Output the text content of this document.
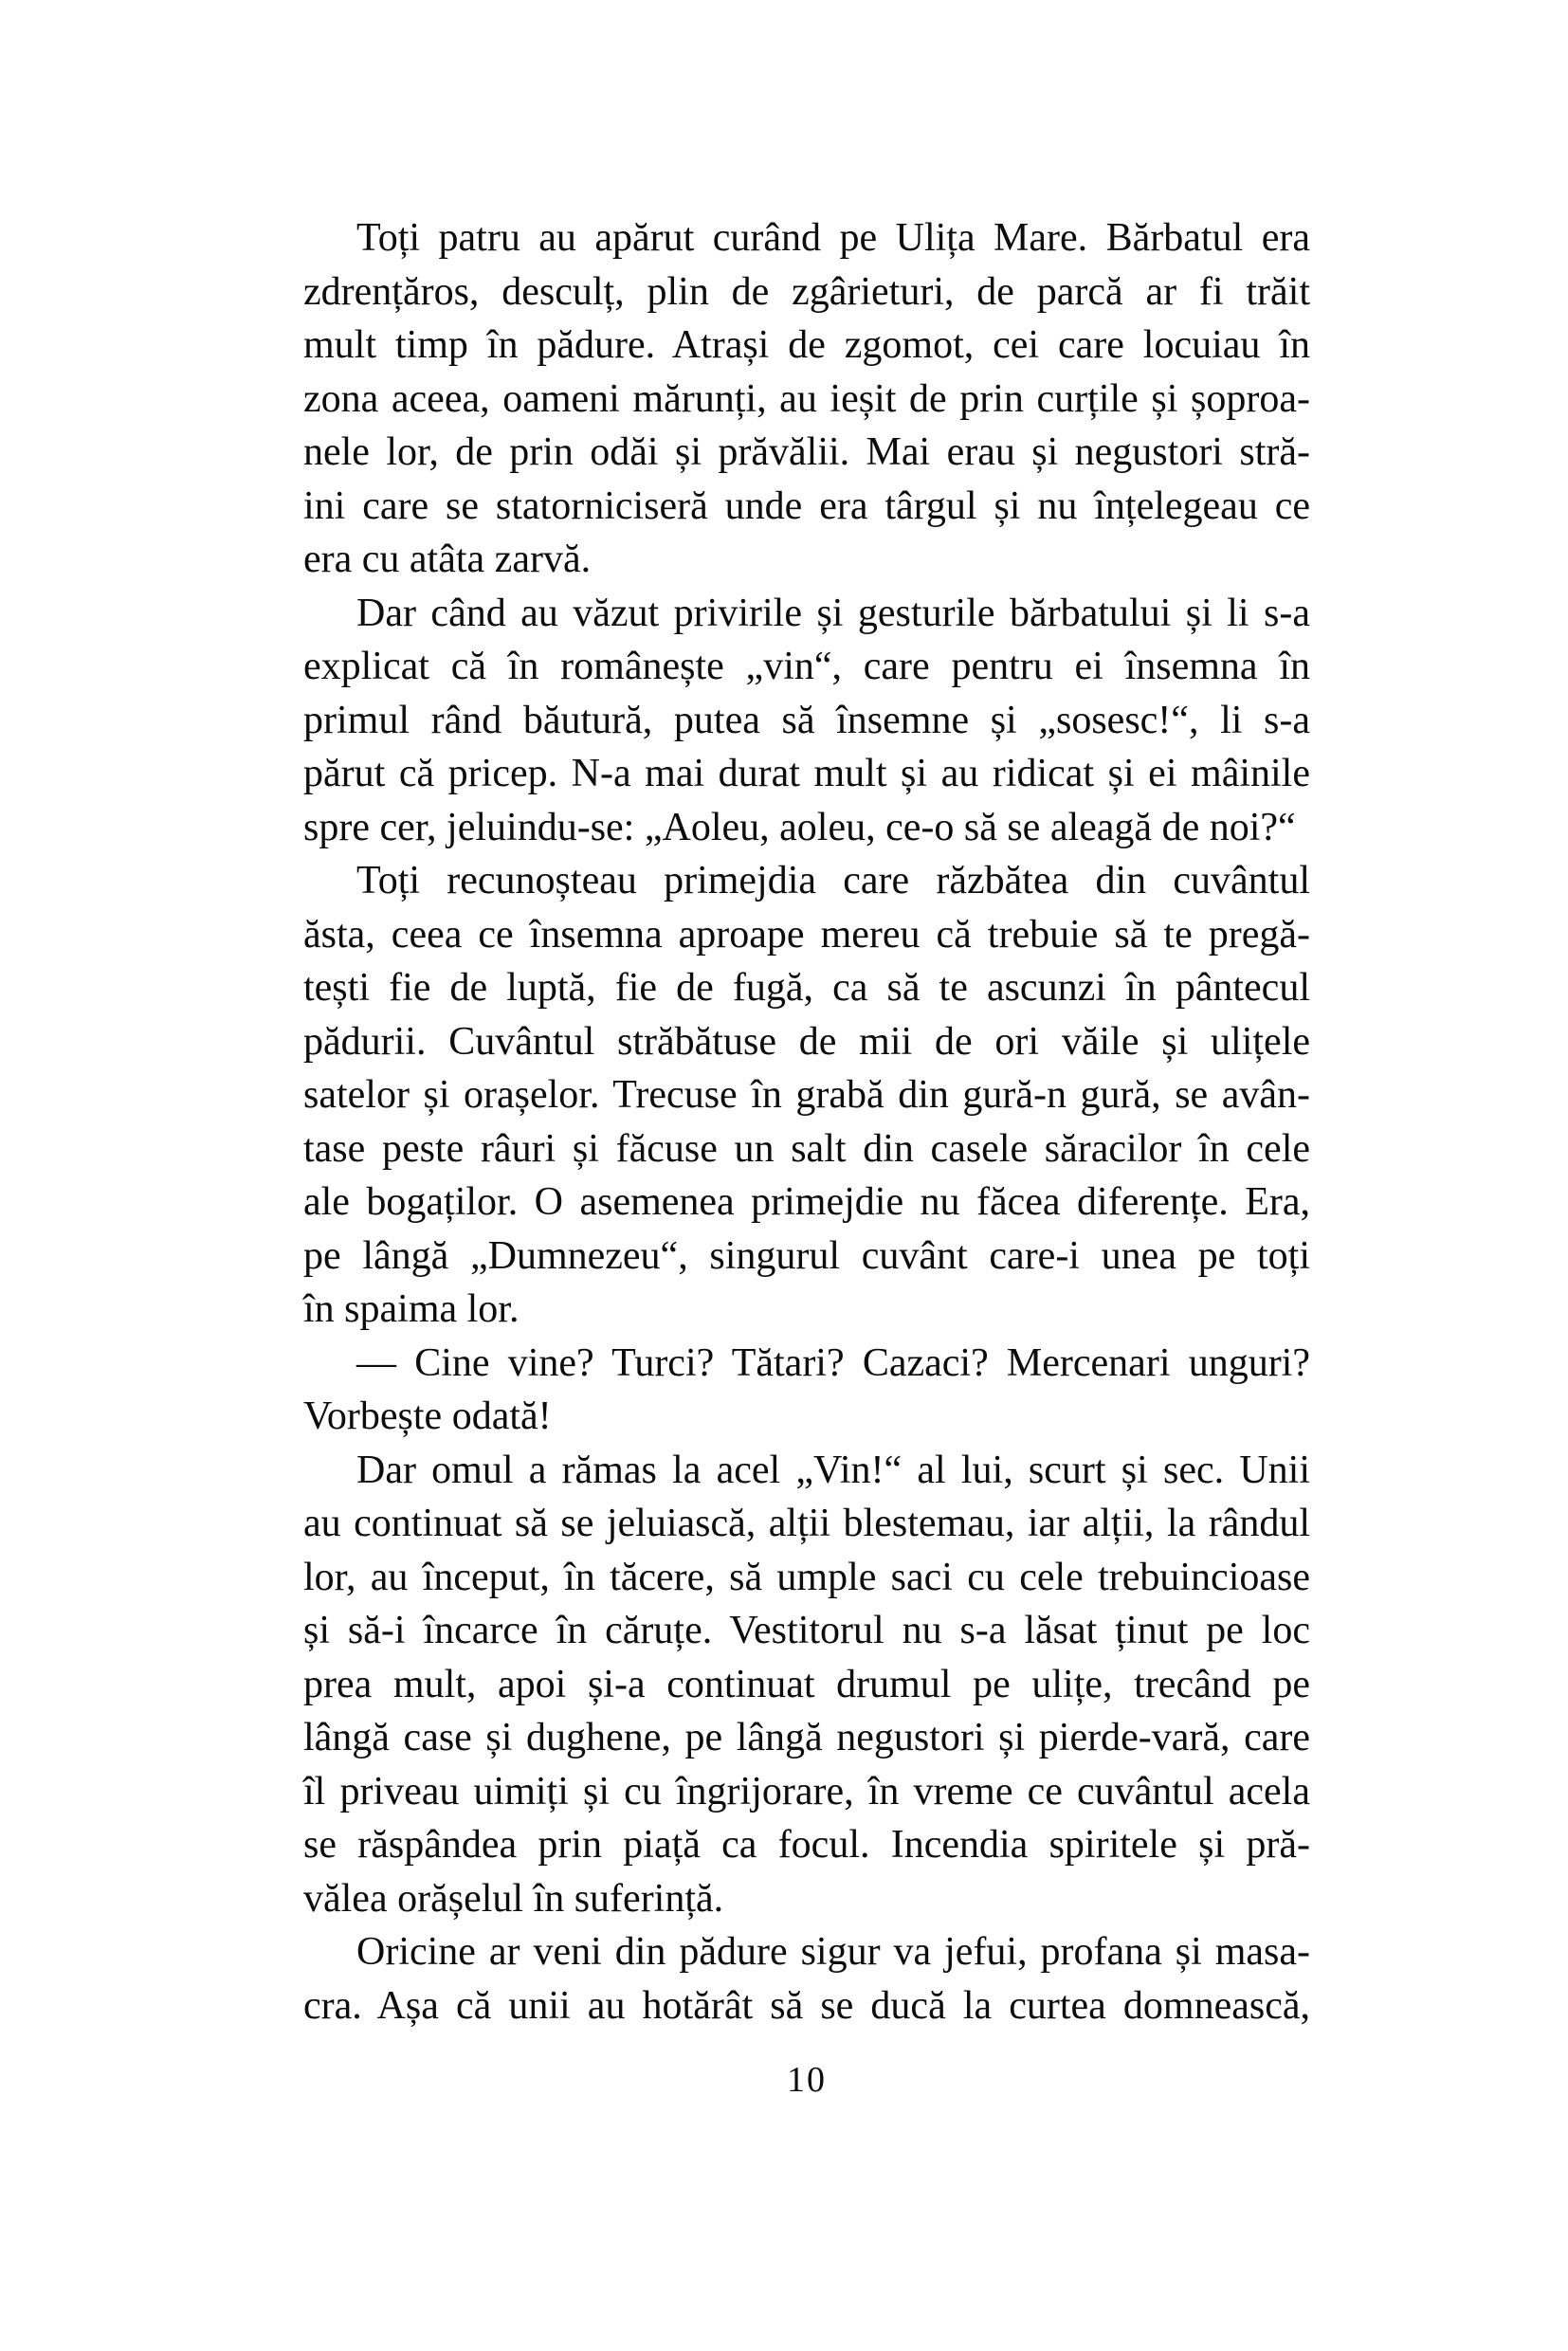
Toți patru au apărut curând pe Ulița Mare. Bărbatul era
zdrențăros, desculț, plin de zgârieturi, de parcă ar fi trăit
mult timp în pădure. Atrași de zgomot, cei care locuiau în
zona aceea, oameni mărunți, au ieșit de prin curțile și șoproa-
nele lor, de prin odăi și prăvălii. Mai erau și negustori stră-
ini care se statorniciseră unde era târgul și nu înțelegeau ce
era cu atâta zarvă.
Dar când au văzut privirile și gesturile bărbatului și li s-a
explicat că în românește „vin“, care pentru ei însemna în
primul rând băutură, putea să însemne și „sosesc!“, li s-a
părut că pricep. N-a mai durat mult și au ridicat și ei mâinile
spre cer, jeluindu-se: „Aoleu, aoleu, ce-o să se aleagă de noi?“
Toți recunoșteau primejdia care răzbătea din cuvântul
ăsta, ceea ce însemna aproape mereu că trebuie să te pregă-
tești fie de luptă, fie de fugă, ca să te ascunzi în pântecul
pădurii. Cuvântul străbătuse de mii de ori văile și ulițele
satelor și orașelor. Trecuse în grabă din gură-n gură, se avân-
tase peste râuri și făcuse un salt din casele săracilor în cele
ale bogaților. O asemenea primejdie nu făcea diferențe. Era,
pe lângă „Dumnezeu“, singurul cuvânt care-i unea pe toți
în spaima lor.
— Cine vine? Turci? Tătari? Cazaci? Mercenari unguri?
Vorbește odată!
Dar omul a rămas la acel „Vin!“ al lui, scurt și sec. Unii
au continuat să se jeluiască, alții blestemau, iar alții, la rândul
lor, au început, în tăcere, să umple saci cu cele trebuincioase
și să-i încarce în căruțe. Vestitorul nu s-a lăsat ținut pe loc
prea mult, apoi și-a continuat drumul pe ulițe, trecând pe
lângă case și dughene, pe lângă negustori și pierde-vară, care
îl priveau uimiți și cu îngrijorare, în vreme ce cuvântul acela
se răspândea prin piață ca focul. Incendia spiritele și pră-
vălea orășelul în suferință.
Oricine ar veni din pădure sigur va jefui, profana și masa-
cra. Așa că unii au hotărât să se ducă la curtea domnească,
10
